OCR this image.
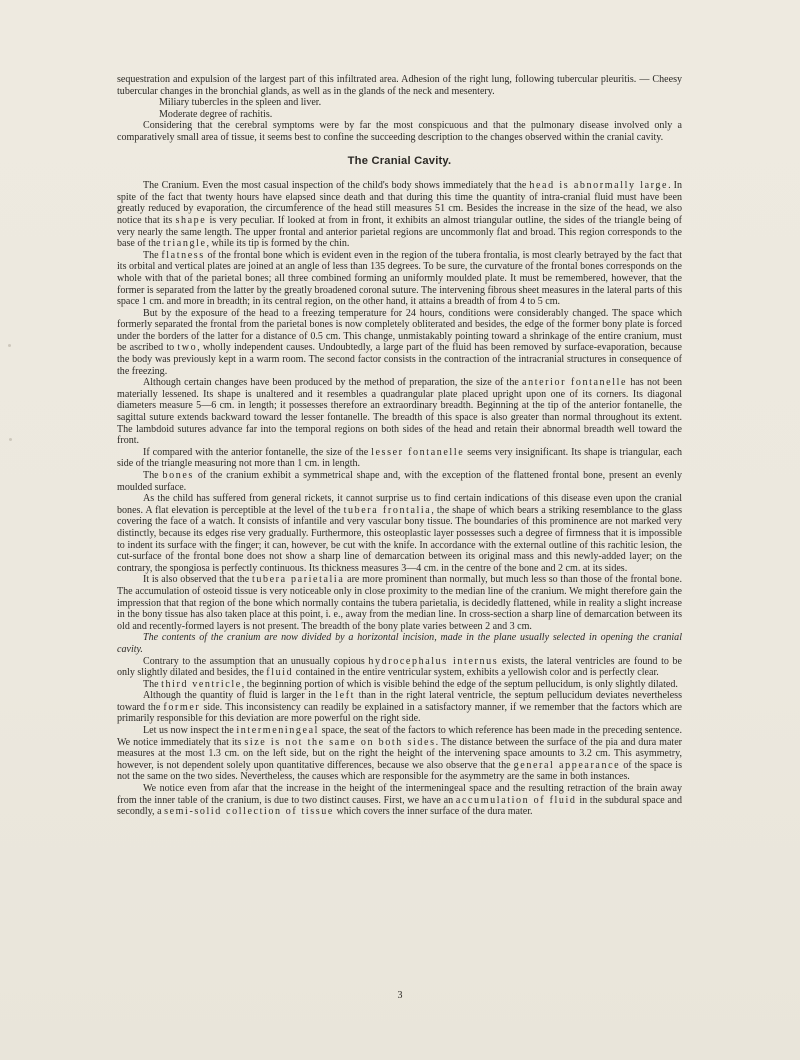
sequestration and expulsion of the largest part of this infiltrated area. Adhesion of the right lung, following tubercular pleuritis. — Cheesy tubercular changes in the bronchial glands, as well as in the glands of the neck and mesentery.

Miliary tubercles in the spleen and liver.

Moderate degree of rachitis.

Considering that the cerebral symptoms were by far the most conspicuous and that the pulmonary disease involved only a comparatively small area of tissue, it seems best to confine the succeeding description to the changes observed within the cranial cavity.

The Cranial Cavity.

The Cranium. Even the most casual inspection of the child's body shows immediately that the head is abnormally large. In spite of the fact that twenty hours have elapsed since death and that during this time the quantity of intra-cranial fluid must have been greatly reduced by evaporation, the circumference of the head still measures 51 cm. Besides the increase in the size of the head, we also notice that its shape is very peculiar. If looked at from in front, it exhibits an almost triangular outline, the sides of the triangle being of very nearly the same length. The upper frontal and anterior parietal regions are uncommonly flat and broad. This region corresponds to the base of the triangle, while its tip is formed by the chin.

The flatness of the frontal bone which is evident even in the region of the tubera frontalia, is most clearly betrayed by the fact that its orbital and vertical plates are joined at an angle of less than 135 degrees. To be sure, the curvature of the frontal bones corresponds on the whole with that of the parietal bones; all three combined forming an uniformly moulded plate. It must be remembered, however, that the former is separated from the latter by the greatly broadened coronal suture. The intervening fibrous sheet measures in the lateral parts of this space 1 cm. and more in breadth; in its central region, on the other hand, it attains a breadth of from 4 to 5 cm.

But by the exposure of the head to a freezing temperature for 24 hours, conditions were considerably changed. The space which formerly separated the frontal from the parietal bones is now completely obliterated and besides, the edge of the former bony plate is forced under the borders of the latter for a distance of 0.5 cm. This change, unmistakably pointing toward a shrinkage of the entire cranium, must be ascribed to two, wholly independent causes. Undoubtedly, a large part of the fluid has been removed by surface-evaporation, because the body was previously kept in a warm room. The second factor consists in the contraction of the intracranial structures in consequence of the freezing.

Although certain changes have been produced by the method of preparation, the size of the anterior fontanelle has not been materially lessened. Its shape is unaltered and it resembles a quadrangular plate placed upright upon one of its corners. Its diagonal diameters measure 5—6 cm. in length; it possesses therefore an extraordinary breadth. Beginning at the tip of the anterior fontanelle, the sagittal suture extends backward toward the lesser fontanelle. The breadth of this space is also greater than normal throughout its extent. The lambdoid sutures advance far into the temporal regions on both sides of the head and retain their abnormal breadth well toward the front.

If compared with the anterior fontanelle, the size of the lesser fontanelle seems very insignificant. Its shape is triangular, each side of the triangle measuring not more than 1 cm. in length.

The bones of the cranium exhibit a symmetrical shape and, with the exception of the flattened frontal bone, present an evenly moulded surface.

As the child has suffered from general rickets, it cannot surprise us to find certain indications of this disease even upon the cranial bones. A flat elevation is perceptible at the level of the tubera frontalia, the shape of which bears a striking resemblance to the glass covering the face of a watch. It consists of infantile and very vascular bony tissue. The boundaries of this prominence are not marked very distinctly, because its edges rise very gradually. Furthermore, this osteoplastic layer possesses such a degree of firmness that it is impossible to indent its surface with the finger; it can, however, be cut with the knife. In accordance with the external outline of this rachitic lesion, the cut-surface of the frontal bone does not show a sharp line of demarcation between its original mass and this newly-added layer; on the contrary, the spongiosa is perfectly continuous. Its thickness measures 3—4 cm. in the centre of the bone and 2 cm. at its sides.

It is also observed that the tubera parietalia are more prominent than normally, but much less so than those of the frontal bone. The accumulation of osteoid tissue is very noticeable only in close proximity to the median line of the cranium. We might therefore gain the impression that that region of the bone which normally contains the tubera parietalia, is decidedly flattened, while in reality a slight increase in the bony tissue has also taken place at this point, i. e., away from the median line. In cross-section a sharp line of demarcation between its old and recently-formed layers is not present. The breadth of the bony plate varies between 2 and 3 cm.

The contents of the cranium are now divided by a horizontal incision, made in the plane usually selected in opening the cranial cavity.

Contrary to the assumption that an unusually copious hydrocephalus internus exists, the lateral ventricles are found to be only slightly dilated and besides, the fluid contained in the entire ventricular system, exhibits a yellowish color and is perfectly clear.

The third ventricle, the beginning portion of which is visible behind the edge of the septum pellucidum, is only slightly dilated.

Although the quantity of fluid is larger in the left than in the right lateral ventricle, the septum pellucidum deviates nevertheless toward the former side. This inconsistency can readily be explained in a satisfactory manner, if we remember that the factors which are primarily responsible for this deviation are more powerful on the right side.

Let us now inspect the intermeningeal space, the seat of the factors to which reference has been made in the preceding sentence. We notice immediately that its size is not the same on both sides. The distance between the surface of the pia and dura mater measures at the most 1.3 cm. on the left side, but on the right the height of the intervening space amounts to 3.2 cm. This asymmetry, however, is not dependent solely upon quantitative differences, because we also observe that the general appearance of the space is not the same on the two sides. Nevertheless, the causes which are responsible for the asymmetry are the same in both instances.

We notice even from afar that the increase in the height of the intermeningeal space and the resulting retraction of the brain away from the inner table of the cranium, is due to two distinct causes. First, we have an accumulation of fluid in the subdural space and secondly, a semi-solid collection of tissue which covers the inner surface of the dura mater.

3
